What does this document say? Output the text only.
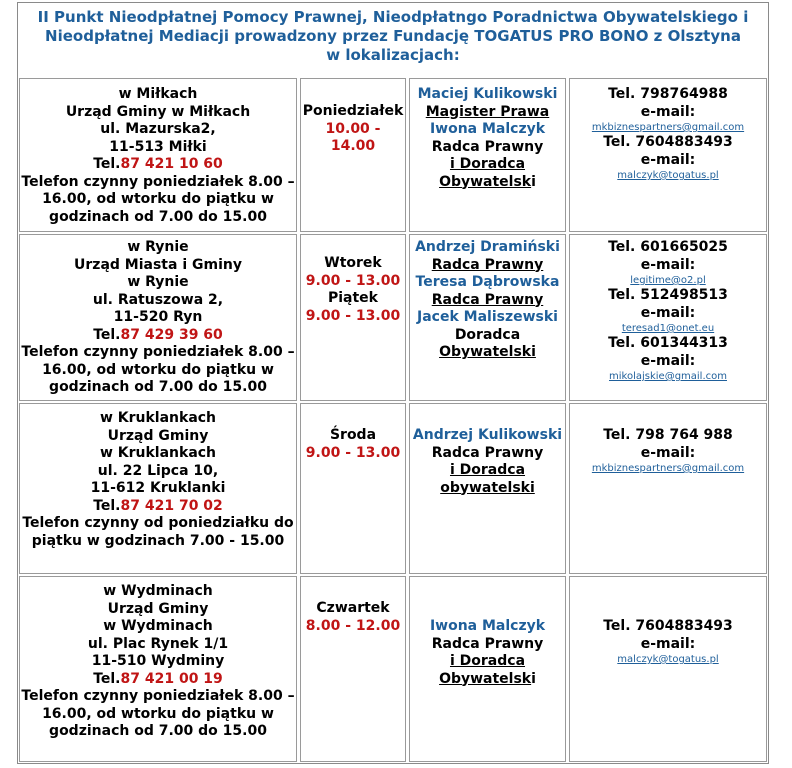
II Punkt Nieodpłatnej Pomocy Prawnej, Nieodpłatngo Poradnictwa Obywatelskiego i
Nieodpłatnej Mediacji prowadzony przez Fundację TOGATUS PRO BONO z Olsztyna
w lokalizacjach:
w Miłkach
Urząd Gminy w Miłkach
ul. Mazurska2,
11-513 Miłki
Tel.87 421 10 60
Telefon czynny poniedziałek 8.00 –
16.00, od wtorku do piątku w
godzinach od 7.00 do 15.00
Poniedziałek
10.00 - 14.00
Maciej Kulikowski
Magister Prawa
Iwona Malczyk
Radca Prawny
i Doradca
Obywatelski
Tel. 798764988
e-mail:
mkbiznespartners@gmail.com
Tel. 7604883493
e-mail:
malczyk@togatus.pl
w Rynie
Urząd Miasta i Gminy
w Rynie
ul. Ratuszowa 2,
11-520 Ryn
Tel.87 429 39 60
Telefon czynny poniedziałek 8.00 –
16.00, od wtorku do piątku w
godzinach od 7.00 do 15.00
Wtorek
9.00 - 13.00
Piątek
9.00 - 13.00
Andrzej Dramiński
Radca Prawny
Teresa Dąbrowska
Radca Prawny
Jacek Maliszewski
Doradca
Obywatelski
Tel. 601665025
e-mail:
legitime@o2.pl
Tel. 512498513
e-mail:
teresad1@onet.eu
Tel. 601344313
e-mail:
mikolajskie@gmail.com
w Kruklankach
Urząd Gminy
w Kruklankach
ul. 22 Lipca 10,
11-612 Kruklanki
Tel.87 421 70 02
Telefon czynny od poniedziałku do
piątku w godzinach 7.00 - 15.00
Środa
9.00 - 13.00
Andrzej Kulikowski
Radca Prawny
i Doradca
obywatelski
Tel. 798 764 988
e-mail:
mkbiznespartners@gmail.com
w Wydminach
Urząd Gminy
w Wydminach
ul. Plac Rynek 1/1
11-510 Wydminy
Tel.87 421 00 19
Telefon czynny poniedziałek 8.00 –
16.00, od wtorku do piątku w
godzinach od 7.00 do 15.00
Czwartek
8.00 - 12.00	Iwona Malczyk
Radca Prawny
i Doradca
Obywatelski
Tel. 7604883493
e-mail:
malczyk@togatus.pl
